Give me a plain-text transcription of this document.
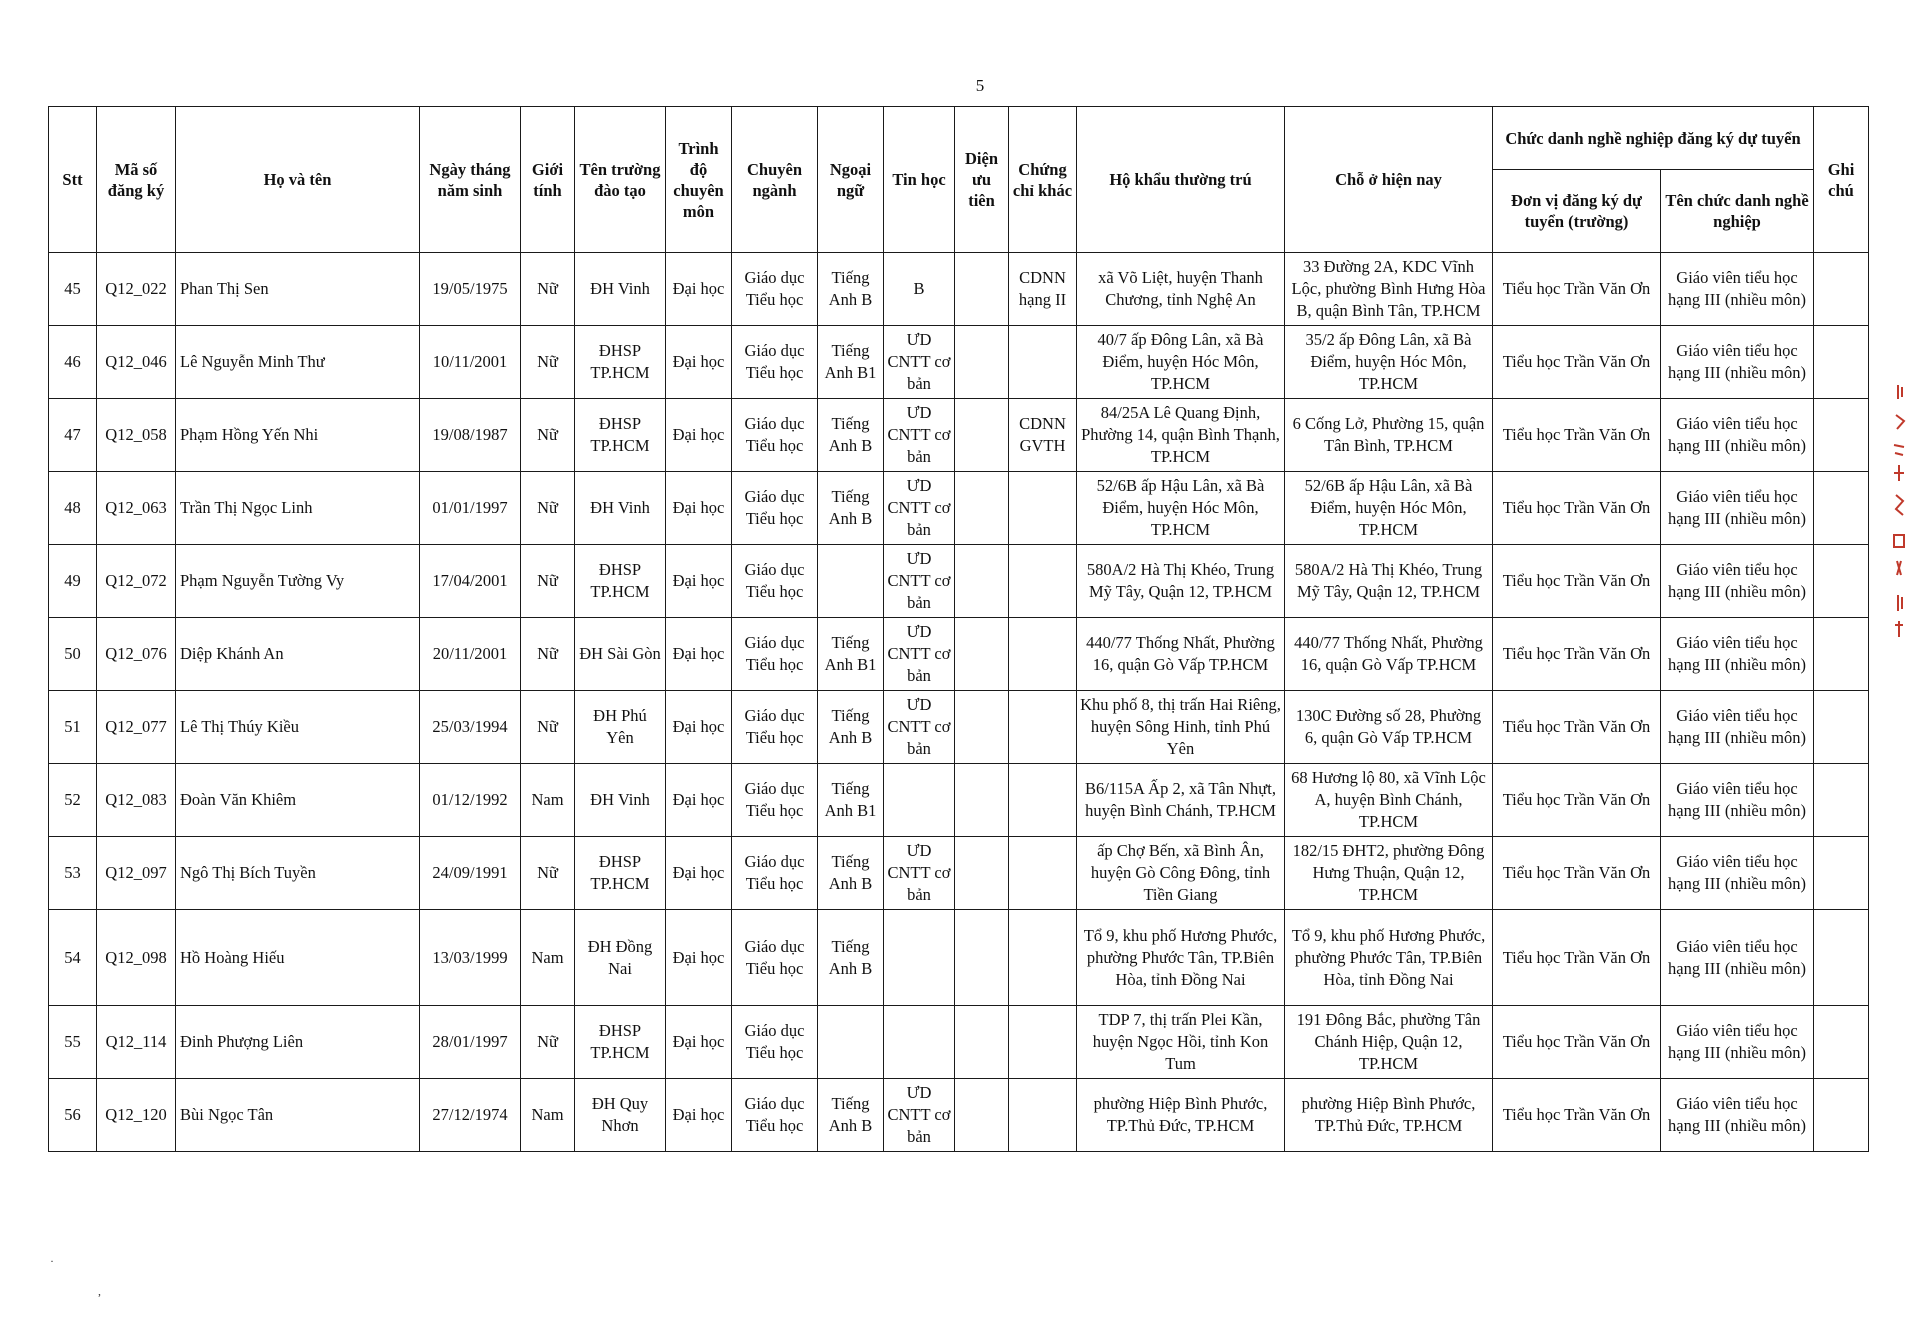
5
Stt	Mã số đăng ký	Họ và tên	Ngày tháng năm sinh	Giới tính	Tên trường đào tạo	Trình độ chuyên môn	Chuyên ngành	Ngoại ngữ	Tin học	Diện ưu tiên	Chứng chỉ khác	Hộ khẩu thường trú	Chỗ ở hiện nay	Chức danh nghề nghiệp đăng ký dự tuyển		Ghi chú
														Đơn vị đăng ký dự tuyển (trường)	Tên chức danh nghề nghiệp	
45	Q12_022	Phan Thị Sen	19/05/1975	Nữ	ĐH Vinh	Đại học	Giáo dục Tiểu học	Tiếng Anh B	B		CDNN hạng II	xã Võ Liệt, huyện Thanh Chương, tỉnh Nghệ An	33 Đường 2A, KDC Vĩnh Lộc, phường Bình Hưng Hòa B, quận Bình Tân, TP.HCM	Tiểu học Trần Văn Ơn	Giáo viên tiểu học hạng III (nhiều môn)	
46	Q12_046	Lê Nguyễn Minh Thư	10/11/2001	Nữ	ĐHSP TP.HCM	Đại học	Giáo dục Tiểu học	Tiếng Anh B1	ƯD CNTT cơ bản			40/7 ấp Đông Lân, xã Bà Điểm, huyện Hóc Môn, TP.HCM	35/2 ấp Đông Lân, xã Bà Điểm, huyện Hóc Môn, TP.HCM	Tiểu học Trần Văn Ơn	Giáo viên tiểu học hạng III (nhiều môn)	
47	Q12_058	Phạm Hồng Yến Nhi	19/08/1987	Nữ	ĐHSP TP.HCM	Đại học	Giáo dục Tiểu học	Tiếng Anh B	ƯD CNTT cơ bản		CDNN GVTH	84/25A Lê Quang Định, Phường 14, quận Bình Thạnh, TP.HCM	6 Cống Lở, Phường 15, quận Tân Bình, TP.HCM	Tiểu học Trần Văn Ơn	Giáo viên tiểu học hạng III (nhiều môn)	
48	Q12_063	Trần Thị Ngọc Linh	01/01/1997	Nữ	ĐH Vinh	Đại học	Giáo dục Tiểu học	Tiếng Anh B	ƯD CNTT cơ bản			52/6B ấp Hậu Lân, xã Bà Điểm, huyện Hóc Môn, TP.HCM	52/6B ấp Hậu Lân, xã Bà Điểm, huyện Hóc Môn, TP.HCM	Tiểu học Trần Văn Ơn	Giáo viên tiểu học hạng III (nhiều môn)	
49	Q12_072	Phạm Nguyễn Tường Vy	17/04/2001	Nữ	ĐHSP TP.HCM	Đại học	Giáo dục Tiểu học		ƯD CNTT cơ bản			580A/2 Hà Thị Khéo, Trung Mỹ Tây, Quận 12, TP.HCM	580A/2 Hà Thị Khéo, Trung Mỹ Tây, Quận 12, TP.HCM	Tiểu học Trần Văn Ơn	Giáo viên tiểu học hạng III (nhiều môn)	
50	Q12_076	Diệp Khánh An	20/11/2001	Nữ	ĐH Sài Gòn	Đại học	Giáo dục Tiểu học	Tiếng Anh B1	ƯD CNTT cơ bản			440/77 Thống Nhất, Phường 16, quận Gò Vấp TP.HCM	440/77 Thống Nhất, Phường 16, quận Gò Vấp TP.HCM	Tiểu học Trần Văn Ơn	Giáo viên tiểu học hạng III (nhiều môn)	
51	Q12_077	Lê Thị Thúy Kiều	25/03/1994	Nữ	ĐH Phú Yên	Đại học	Giáo dục Tiểu học	Tiếng Anh B	ƯD CNTT cơ bản			Khu phố 8, thị trấn Hai Riêng, huyện Sông Hinh, tỉnh Phú Yên	130C Đường số 28, Phường 6, quận Gò Vấp TP.HCM	Tiểu học Trần Văn Ơn	Giáo viên tiểu học hạng III (nhiều môn)	
52	Q12_083	Đoàn Văn Khiêm	01/12/1992	Nam	ĐH Vinh	Đại học	Giáo dục Tiểu học	Tiếng Anh B1				B6/115A Ấp 2, xã Tân Nhựt, huyện Bình Chánh, TP.HCM	68 Hương lộ 80, xã Vĩnh Lộc A, huyện Bình Chánh, TP.HCM	Tiểu học Trần Văn Ơn	Giáo viên tiểu học hạng III (nhiều môn)	
53	Q12_097	Ngô Thị Bích Tuyền	24/09/1991	Nữ	ĐHSP TP.HCM	Đại học	Giáo dục Tiểu học	Tiếng Anh B	ƯD CNTT cơ bản			ấp Chợ Bến, xã Bình Ân, huyện Gò Công Đông, tỉnh Tiền Giang	182/15 ĐHT2, phường Đông Hưng Thuận, Quận 12, TP.HCM	Tiểu học Trần Văn Ơn	Giáo viên tiểu học hạng III (nhiều môn)	
54	Q12_098	Hồ Hoàng Hiếu	13/03/1999	Nam	ĐH Đồng Nai	Đại học	Giáo dục Tiểu học	Tiếng Anh B				Tổ 9, khu phố Hương Phước, phường Phước Tân, TP.Biên Hòa, tỉnh Đồng Nai	Tổ 9, khu phố Hương Phước, phường Phước Tân, TP.Biên Hòa, tỉnh Đồng Nai	Tiểu học Trần Văn Ơn	Giáo viên tiểu học hạng III (nhiều môn)	
55	Q12_114	Đinh Phượng Liên	28/01/1997	Nữ	ĐHSP TP.HCM	Đại học	Giáo dục Tiểu học					TDP 7, thị trấn Plei Kần, huyện Ngọc Hồi, tỉnh Kon Tum	191 Đông Bắc, phường Tân Chánh Hiệp, Quận 12, TP.HCM	Tiểu học Trần Văn Ơn	Giáo viên tiểu học hạng III (nhiều môn)	
56	Q12_120	Bùi Ngọc Tân	27/12/1974	Nam	ĐH Quy Nhơn	Đại học	Giáo dục Tiểu học	Tiếng Anh B	ƯD CNTT cơ bản			phường Hiệp Bình Phước, TP.Thủ Đức, TP.HCM	phường Hiệp Bình Phước, TP.Thủ Đức, TP.HCM	Tiểu học Trần Văn Ơn	Giáo viên tiểu học hạng III (nhiều môn)	
·
,
